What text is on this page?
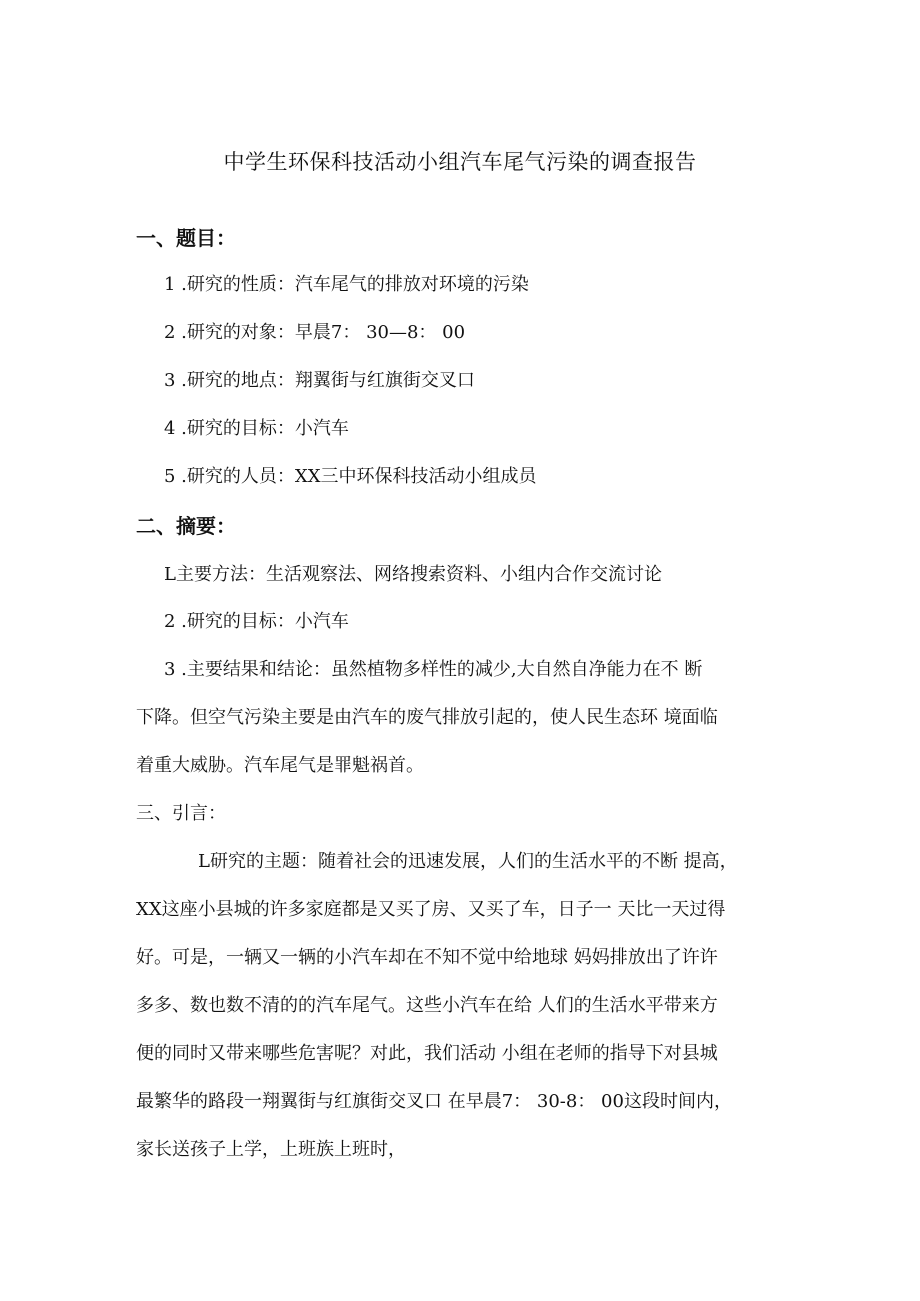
中学生环保科技活动小组汽车尾气污染的调查报告
一、题目：
1 .研究的性质：汽车尾气的排放对环境的污染
2 .研究的对象：早晨7： 30—8： 00
3 .研究的地点：翔翼街与红旗街交叉口
4 .研究的目标：小汽车
5 .研究的人员：XX三中环保科技活动小组成员
二、摘要：
L主要方法：生活观察法、网络搜索资料、小组内合作交流讨论
2 .研究的目标：小汽车
3 .主要结果和结论：虽然植物多样性的减少,大自然自净能力在不 断
下降。但空气污染主要是由汽车的废气排放引起的，使人民生态环 境面临
着重大威胁。汽车尾气是罪魁祸首。
三、引言：
L研究的主题：随着社会的迅速发展，人们的生活水平的不断 提高，
XX这座小县城的许多家庭都是又买了房、又买了车，日子一 天比一天过得
好。可是，一辆又一辆的小汽车却在不知不觉中给地球 妈妈排放出了许许
多多、数也数不清的的汽车尾气。这些小汽车在给 人们的生活水平带来方
便的同时又带来哪些危害呢？对此，我们活动 小组在老师的指导下对县城
最繁华的路段一翔翼街与红旗街交叉口 在早晨7： 30-8： 00这段时间内，
家长送孩子上学，上班族上班时，
